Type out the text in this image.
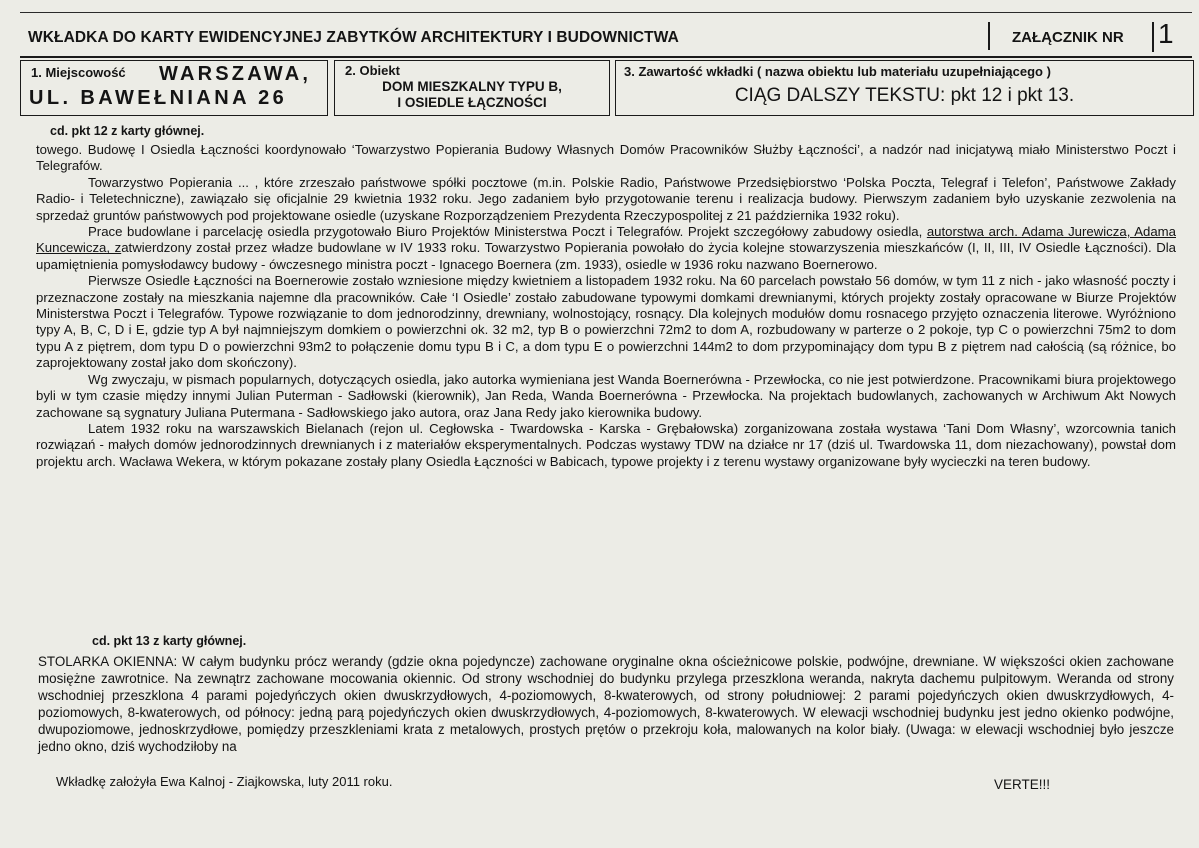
WKŁADKA DO KARTY EWIDENCYJNEJ ZABYTKÓW ARCHITEKTURY I BUDOWNICTWA	ZAŁĄCZNIK NR 1
1. Miejscowość WARSZAWA,
UL. BAWEŁNIANA 26
2. Obiekt
DOM MIESZKALNY TYPU B,
I OSIEDLE ŁĄCZNOŚCI
3. Zawartość wkładki ( nazwa obiektu lub materiału uzupełniającego )
CIĄG DALSZY TEKSTU: pkt 12 i pkt 13.
cd. pkt 12 z karty głównej.

towego. Budowę I Osiedla Łączności koordynowało ‘Towarzystwo Popierania Budowy Własnych Domów Pracowników Służby Łączności’, a nadzór nad inicjatywą miało Ministerstwo Poczt i Telegrafów.

Towarzystwo Popierania ... , które zrzeszało państwowe spółki pocztowe (m.in. Polskie Radio, Państwowe Przedsiębiorstwo ‘Polska Poczta, Telegraf i Telefon’, Państwowe Zakłady Radio- i Teletechniczne), zawiązało się oficjalnie 29 kwietnia 1932 roku. Jego zadaniem było przygotowanie terenu i realizacja budowy. Pierwszym zadaniem było uzyskanie zezwolenia na sprzedaż gruntów państwowych pod projektowane osiedle (uzyskane Rozporządzeniem Prezydenta Rzeczypospolitej z 21 października 1932 roku).

Prace budowlane i parcelację osiedla przygotowało Biuro Projektów Ministerstwa Poczt i Telegrafów. Projekt szczegółowy zabudowy osiedla, autorstwa arch. Adama Jurewicza, Adama Kuncewicza, zatwierdzony został przez władze budowlane w IV 1933 roku. Towarzystwo Popierania powołało do życia kolejne stowarzyszenia mieszkańców (I, II, III, IV Osiedle Łączności). Dla upamiętnienia pomysłodawcy budowy - ówczesnego ministra poczt - Ignacego Boernera (zm. 1933), osiedle w 1936 roku nazwano Boernerowo.

Pierwsze Osiedle Łączności na Boernerowie zostało wzniesione między kwietniem a listopadem 1932 roku. Na 60 parcelach powstało 56 domów, w tym 11 z nich - jako własność poczty i przeznaczone zostały na mieszkania najemne dla pracowników. Całe ‘I Osiedle’ zostało zabudowane typowymi domkami drewnianymi, których projekty zostały opracowane w Biurze Projektów Ministerstwa Poczt i Telegrafów. Typowe rozwiązanie to dom jednorodzinny, drewniany, wolnostojący, rosnący. Dla kolejnych modułów domu rosnacego przyjęto oznaczenia literowe. Wyróżniono typy A, B, C, D i E, gdzie typ A był najmniejszym domkiem o powierzchni ok. 32 m2, typ B o powierzchni 72m2 to dom A, rozbudowany w parterze o 2 pokoje, typ C o powierzchni 75m2 to dom typu A z piętrem, dom typu D o powierzchni 93m2 to połączenie domu typu B i C, a dom typu E o powierzchni 144m2 to dom przypominający dom typu B z piętrem nad całością (są różnice, bo zaprojektowany został jako dom skończony).

Wg zwyczaju, w pismach popularnych, dotyczących osiedla, jako autorka wymieniana jest Wanda Boernerówna - Przewłocka, co nie jest potwierdzone. Pracownikami biura projektowego byli w tym czasie między innymi Julian Puterman - Sadłowski (kierownik), Jan Reda, Wanda Boernerówna - Przewłocka. Na projektach budowlanych, zachowanych w Archiwum Akt Nowych zachowane są sygnatury Juliana Putermana - Sadłowskiego jako autora, oraz Jana Redy jako kierownika budowy.

Latem 1932 roku na warszawskich Bielanach (rejon ul. Cegłowska - Twardowska - Karska - Grębałowska) zorganizowana została wystawa ‘Tani Dom Własny’, wzorcownia tanich rozwiązań - małych domów jednorodzinnych drewnianych i z materiałów eksperymentalnych. Podczas wystawy TDW na działce nr 17 (dziś ul. Twardowska 11, dom niezachowany), powstał dom projektu arch. Wacława Wekera, w którym pokazane zostały plany Osiedla Łączności w Babicach, typowe projekty i z terenu wystawy organizowane były wycieczki na teren budowy.

cd. pkt 13 z karty głównej.

STOLARKA OKIENNA: W całym budynku prócz werandy (gdzie okna pojedyncze) zachowane oryginalne okna ościeżnicowe polskie, podwójne, drewniane. W większości okien zachowane mosiężne zawrotnice. Na zewnątrz zachowane mocowania okiennic. Od strony wschodniej do budynku przylega przeszklona weranda, nakryta dachemu pulpitowym. Weranda od strony wschodniej przeszklona 4 parami pojedyńczych okien dwuskrzydłowych, 4-poziomowych, 8-kwaterowych, od strony południowej: 2 parami pojedyńczych okien dwuskrzydłowych, 4-poziomowych, 8-kwaterowych, od północy: jedną parą pojedyńczych okien dwuskrzydłowych, 4-poziomowych, 8-kwaterowych. W elewacji wschodniej budynku jest jedno okienko podwójne, dwupoziomowe, jednoskrzydłowe, pomiędzy przeszkleniami krata z metalowych, prostych prętów o przekroju koła, malowanych na kolor biały. (Uwaga: w elewacji wschodniej było jeszcze jedno okno, dziś wychodziłoby na

Wkładkę założyła Ewa Kalnoj - Ziajkowska, luty 2011 roku.	VERTE!!!
